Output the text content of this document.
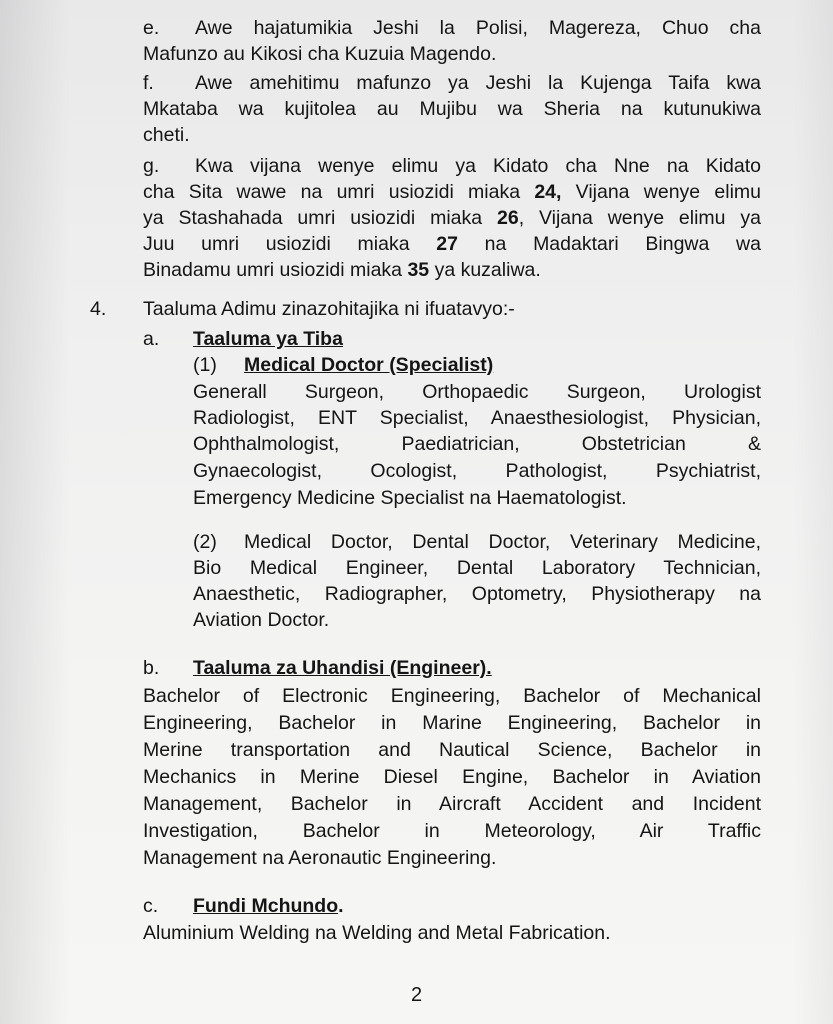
e. Awe hajatumikia Jeshi la Polisi, Magereza, Chuo cha
Mafunzo au Kikosi cha Kuzuia Magendo.
f. Awe amehitimu mafunzo ya Jeshi la Kujenga Taifa kwa
Mkataba wa kujitolea au Mujibu wa Sheria na kutunukiwa
cheti.
g. Kwa vijana wenye elimu ya Kidato cha Nne na Kidato
cha Sita wawe na umri usiozidi miaka 24, Vijana wenye elimu
ya Stashahada umri usiozidi miaka 26, Vijana wenye elimu ya
Juu umri usiozidi miaka 27 na Madaktari Bingwa wa
Binadamu umri usiozidi miaka 35 ya kuzaliwa.
4. Taaluma Adimu zinazohitajika ni ifuatavyo:-
a. Taaluma ya Tiba
(1) Medical Doctor (Specialist)
Generall Surgeon, Orthopaedic Surgeon, Urologist
Radiologist, ENT Specialist, Anaesthesiologist, Physician,
Ophthalmologist, Paediatrician, Obstetrician &
Gynaecologist, Ocologist, Pathologist, Psychiatrist,
Emergency Medicine Specialist na Haematologist.
(2) Medical Doctor, Dental Doctor, Veterinary Medicine,
Bio Medical Engineer, Dental Laboratory Technician,
Anaesthetic, Radiographer, Optometry, Physiotherapy na
Aviation Doctor.
b. Taaluma za Uhandisi (Engineer).
Bachelor of Electronic Engineering, Bachelor of Mechanical
Engineering, Bachelor in Marine Engineering, Bachelor in
Merine transportation and Nautical Science, Bachelor in
Mechanics in Merine Diesel Engine, Bachelor in Aviation
Management, Bachelor in Aircraft Accident and Incident
Investigation, Bachelor in Meteorology, Air Traffic
Management na Aeronautic Engineering.
c. Fundi Mchundo.
Aluminium Welding na Welding and Metal Fabrication.
2
